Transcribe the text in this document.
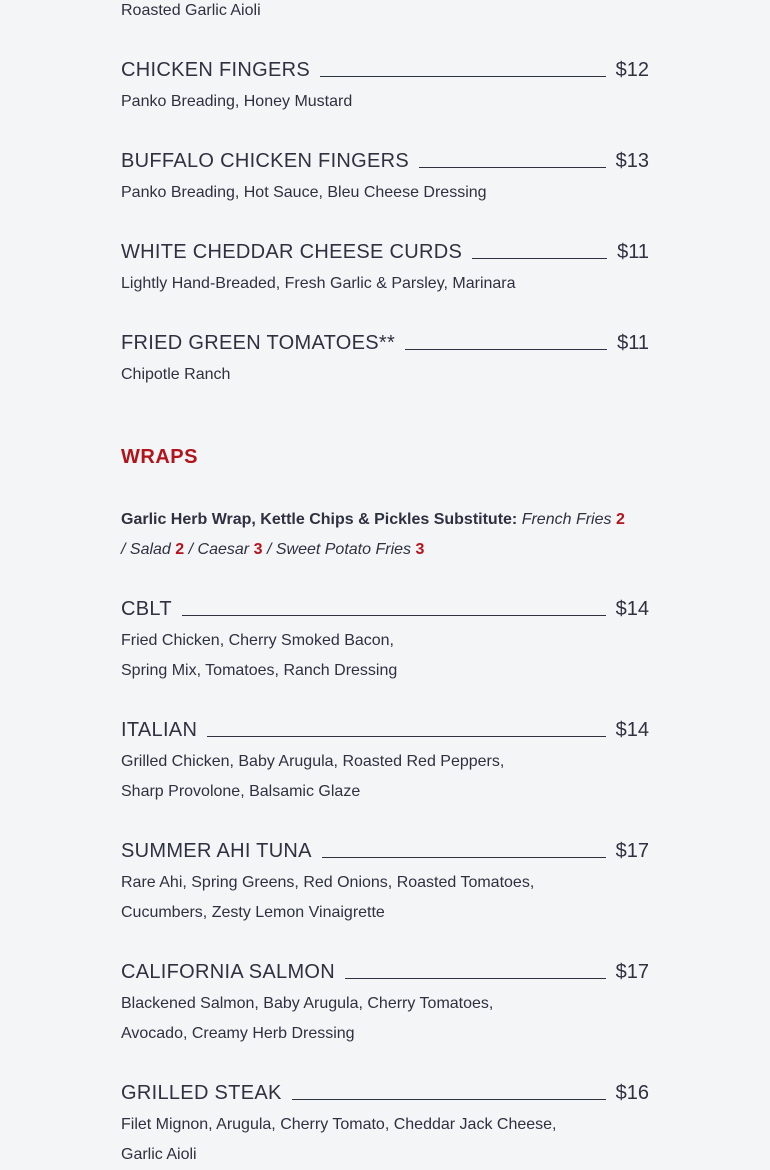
Roasted Garlic Aioli
CHICKEN FINGERS	$12
Panko Breading, Honey Mustard
BUFFALO CHICKEN FINGERS	$13
Panko Breading, Hot Sauce, Bleu Cheese Dressing
WHITE CHEDDAR CHEESE CURDS	$11
Lightly Hand-Breaded, Fresh Garlic & Parsley, Marinara
FRIED GREEN TOMATOES**	$11
Chipotle Ranch
WRAPS
Garlic Herb Wrap, Kettle Chips & Pickles Substitute: French Fries 2 / Salad 2 / Caesar 3 / Sweet Potato Fries 3
CBLT	$14
Fried Chicken, Cherry Smoked Bacon,
Spring Mix, Tomatoes, Ranch Dressing
ITALIAN	$14
Grilled Chicken, Baby Arugula, Roasted Red Peppers,
Sharp Provolone, Balsamic Glaze
SUMMER AHI TUNA	$17
Rare Ahi, Spring Greens, Red Onions, Roasted Tomatoes,
Cucumbers, Zesty Lemon Vinaigrette
CALIFORNIA SALMON	$17
Blackened Salmon, Baby Arugula, Cherry Tomatoes,
Avocado, Creamy Herb Dressing
GRILLED STEAK	$16
Filet Mignon, Arugula, Cherry Tomato, Cheddar Jack Cheese,
Garlic Aioli
